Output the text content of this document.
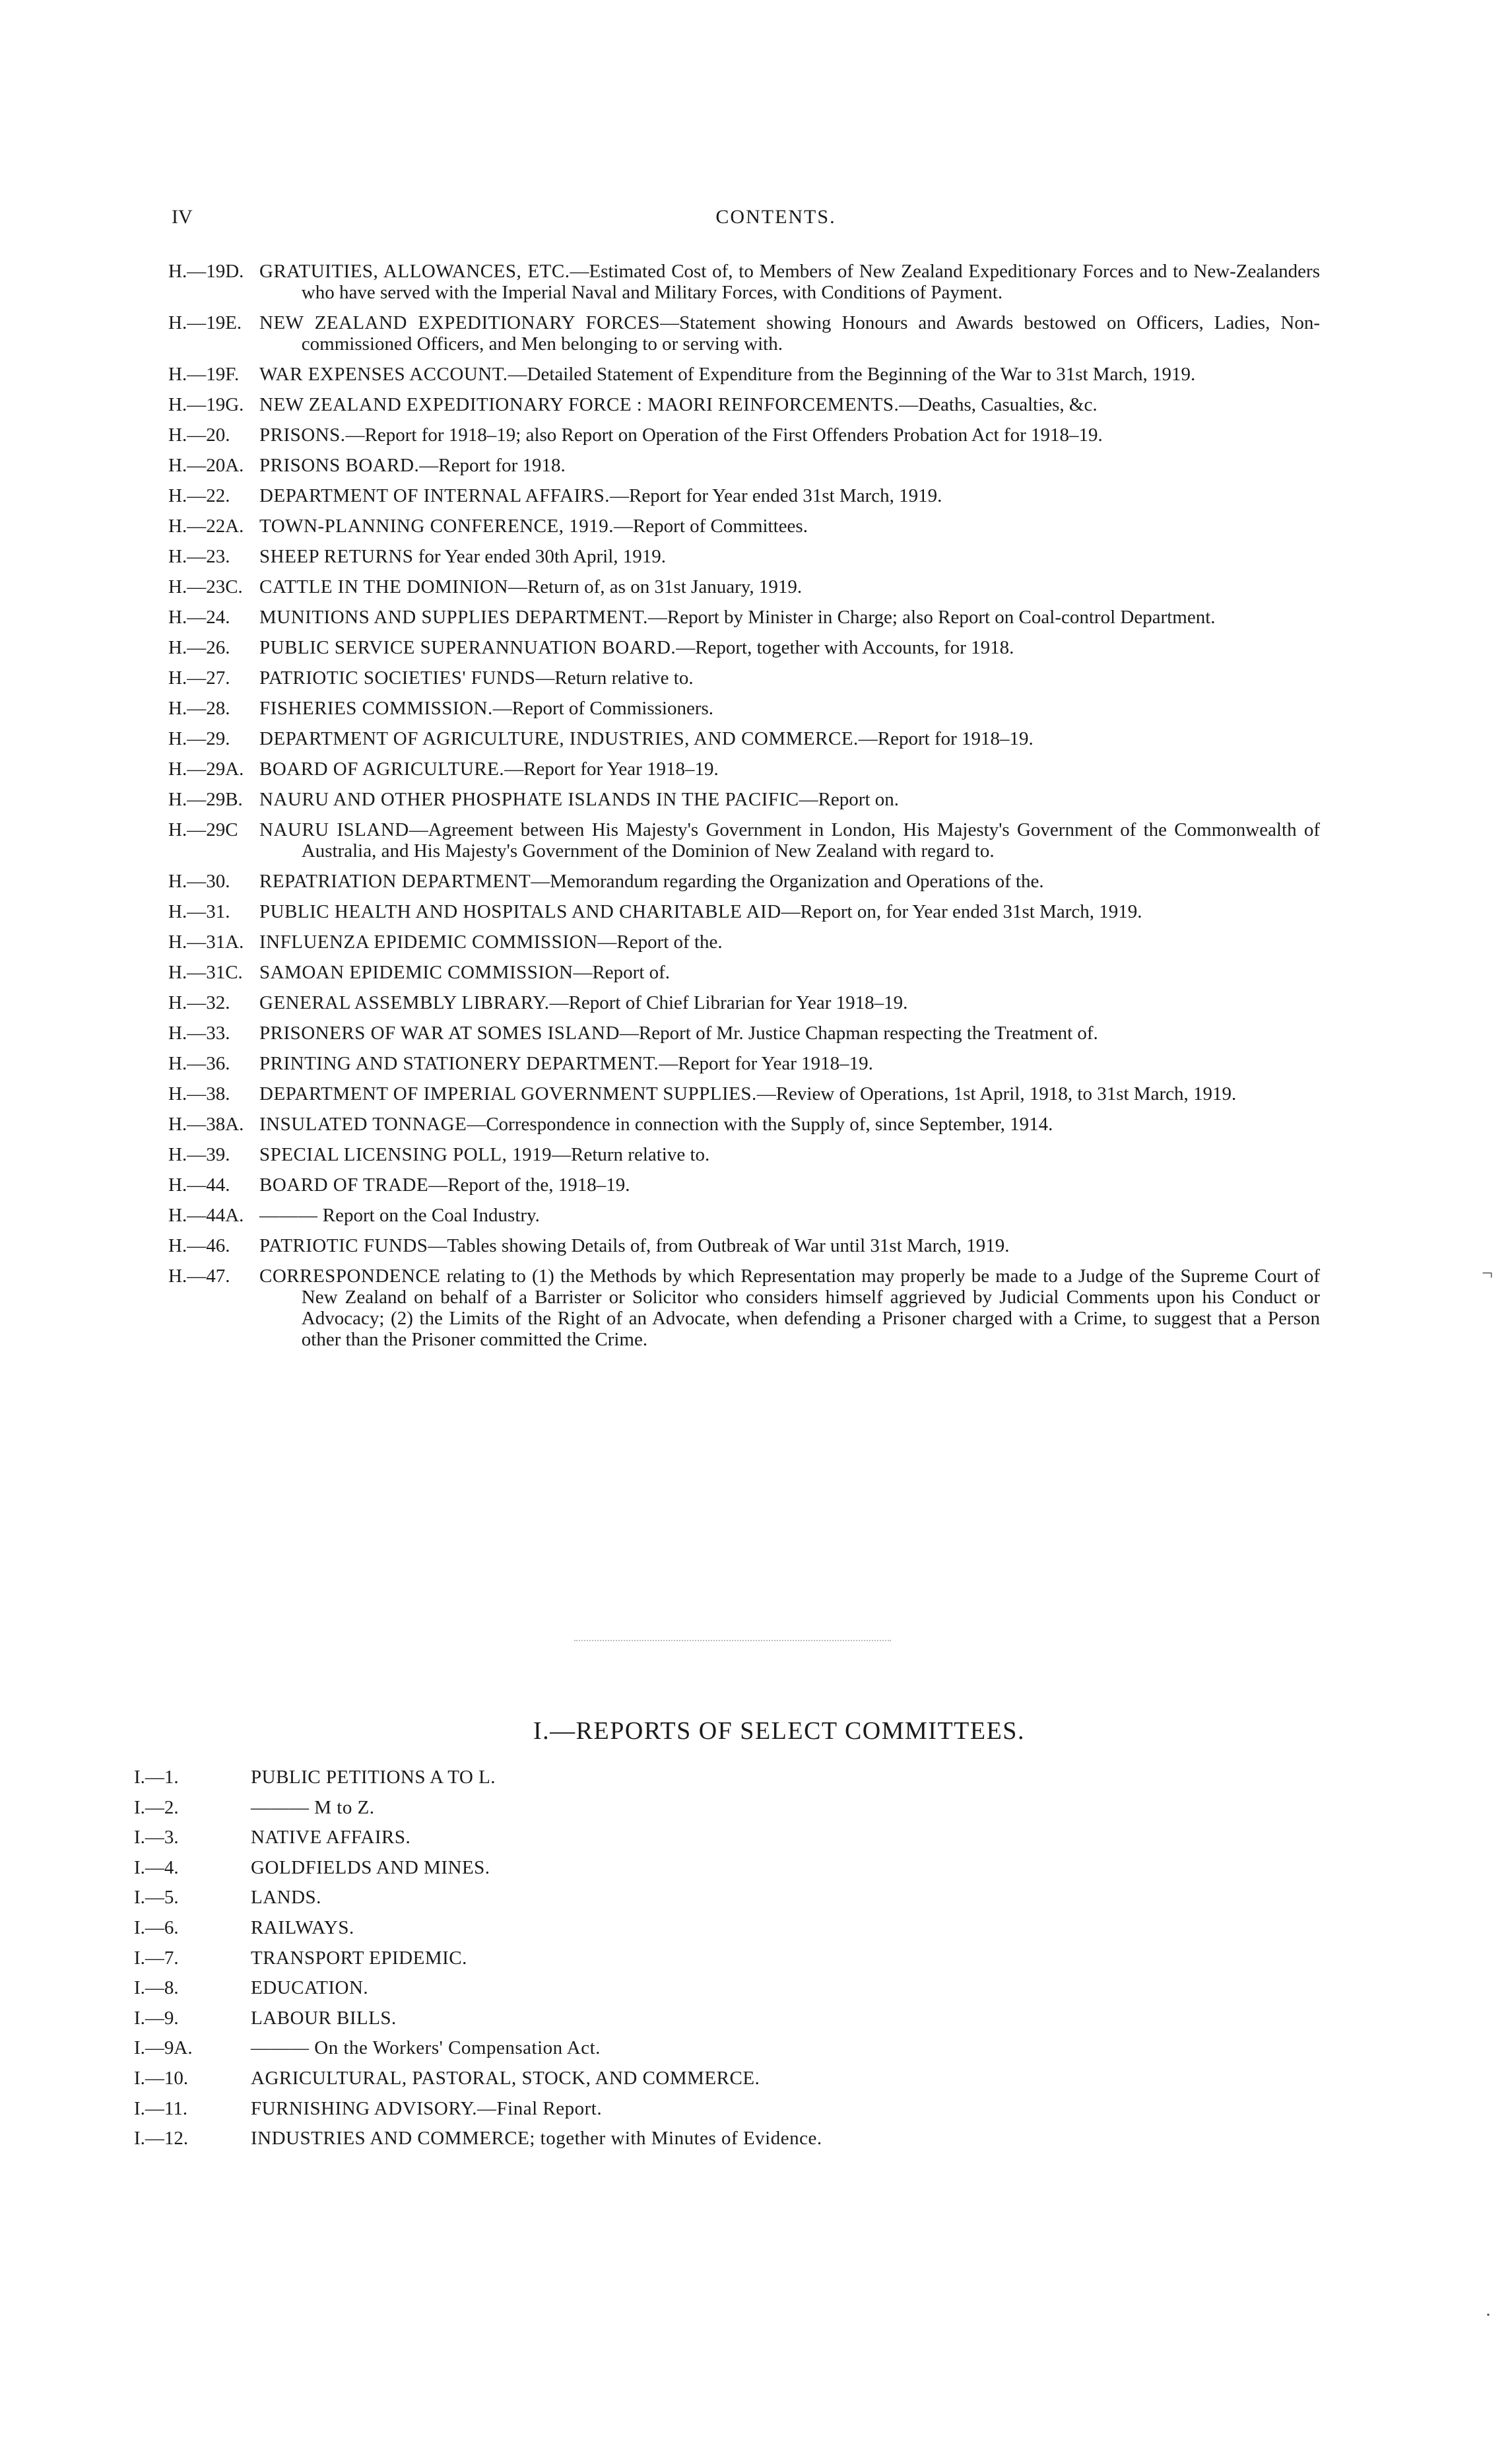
IV	CONTENTS.
H.—19D. GRATUITIES, ALLOWANCES, ETC.—Estimated Cost of, to Members of New Zealand Expeditionary Forces and to New-Zealanders who have served with the Imperial Naval and Military Forces, with Conditions of Payment.
H.—19E. NEW ZEALAND EXPEDITIONARY FORCES—Statement showing Honours and Awards bestowed on Officers, Ladies, Non-commissioned Officers, and Men belonging to or serving with.
H.—19F.	WAR EXPENSES ACCOUNT.—Detailed Statement of Expenditure from the Beginning of the War to 31st March, 1919.
H.—19G. NEW ZEALAND EXPEDITIONARY FORCE : MAORI REINFORCEMENTS.—Deaths, Casualties, &c.
H.—20.	PRISONS.—Report for 1918–19; also Report on Operation of the First Offenders Probation Act for 1918–19.
H.—20A. PRISONS BOARD.—Report for 1918.
H.—22.	DEPARTMENT OF INTERNAL AFFAIRS.—Report for Year ended 31st March, 1919.
H.—22A. TOWN-PLANNING CONFERENCE, 1919.—Report of Committees.
H.—23.	SHEEP RETURNS for Year ended 30th April, 1919.
H.—23C. CATTLE IN THE DOMINION—Return of, as on 31st January, 1919.
H.—24.	MUNITIONS AND SUPPLIES DEPARTMENT.—Report by Minister in Charge; also Report on Coal-control Department.
H.—26.	PUBLIC SERVICE SUPERANNUATION BOARD.—Report, together with Accounts, for 1918.
H.—27.	PATRIOTIC SOCIETIES' FUNDS—Return relative to.
H.—28.	FISHERIES COMMISSION.—Report of Commissioners.
H.—29.	DEPARTMENT OF AGRICULTURE, INDUSTRIES, AND COMMERCE.—Report for 1918–19.
H.—29A. BOARD OF AGRICULTURE.—Report for Year 1918–19.
H.—29B. NAURU AND OTHER PHOSPHATE ISLANDS IN THE PACIFIC—Report on.
H.—29C	NAURU ISLAND—Agreement between His Majesty's Government in London, His Majesty's Government of the Commonwealth of Australia, and His Majesty's Government of the Dominion of New Zealand with regard to.
H.—30.	REPATRIATION DEPARTMENT—Memorandum regarding the Organization and Operations of the.
H.—31.	PUBLIC HEALTH AND HOSPITALS AND CHARITABLE AID—Report on, for Year ended 31st March, 1919.
H.—31A. INFLUENZA EPIDEMIC COMMISSION—Report of the.
H.—31C. SAMOAN EPIDEMIC COMMISSION—Report of.
H.—32.	GENERAL ASSEMBLY LIBRARY.—Report of Chief Librarian for Year 1918–19.
H.—33.	PRISONERS OF WAR AT SOMES ISLAND—Report of Mr. Justice Chapman respecting the Treatment of.
H.—36.	PRINTING AND STATIONERY DEPARTMENT.—Report for Year 1918–19.
H.—38.	DEPARTMENT OF IMPERIAL GOVERNMENT SUPPLIES.—Review of Operations, 1st April, 1918, to 31st March, 1919.
H.—38A. INSULATED TONNAGE—Correspondence in connection with the Supply of, since September, 1914.
H.—39.	SPECIAL LICENSING POLL, 1919—Return relative to.
H.—44.	BOARD OF TRADE—Report of the, 1918–19.
H.—44A. ——— Report on the Coal Industry.
H.—46.	PATRIOTIC FUNDS—Tables showing Details of, from Outbreak of War until 31st March, 1919.
H.—47.	CORRESPONDENCE relating to (1) the Methods by which Representation may properly be made to a Judge of the Supreme Court of New Zealand on behalf of a Barrister or Solicitor who considers himself aggrieved by Judicial Comments upon his Conduct or Advocacy; (2) the Limits of the Right of an Advocate, when defending a Prisoner charged with a Crime, to suggest that a Person other than the Prisoner committed the Crime.
I.—REPORTS OF SELECT COMMITTEES.
I.—1.	PUBLIC PETITIONS A TO L.
I.—2.	——— M to Z.
I.—3.	NATIVE AFFAIRS.
I.—4.	GOLDFIELDS AND MINES.
I.—5.	LANDS.
I.—6.	RAILWAYS.
I.—7.	TRANSPORT EPIDEMIC.
I.—8.	EDUCATION.
I.—9.	LABOUR BILLS.
I.—9A.	——— On the Workers' Compensation Act.
I.—10.	AGRICULTURAL, PASTORAL, STOCK, AND COMMERCE.
I.—11.	FURNISHING ADVISORY.—Final Report.
I.—12.	INDUSTRIES AND COMMERCE; together with Minutes of Evidence.
¬
·
